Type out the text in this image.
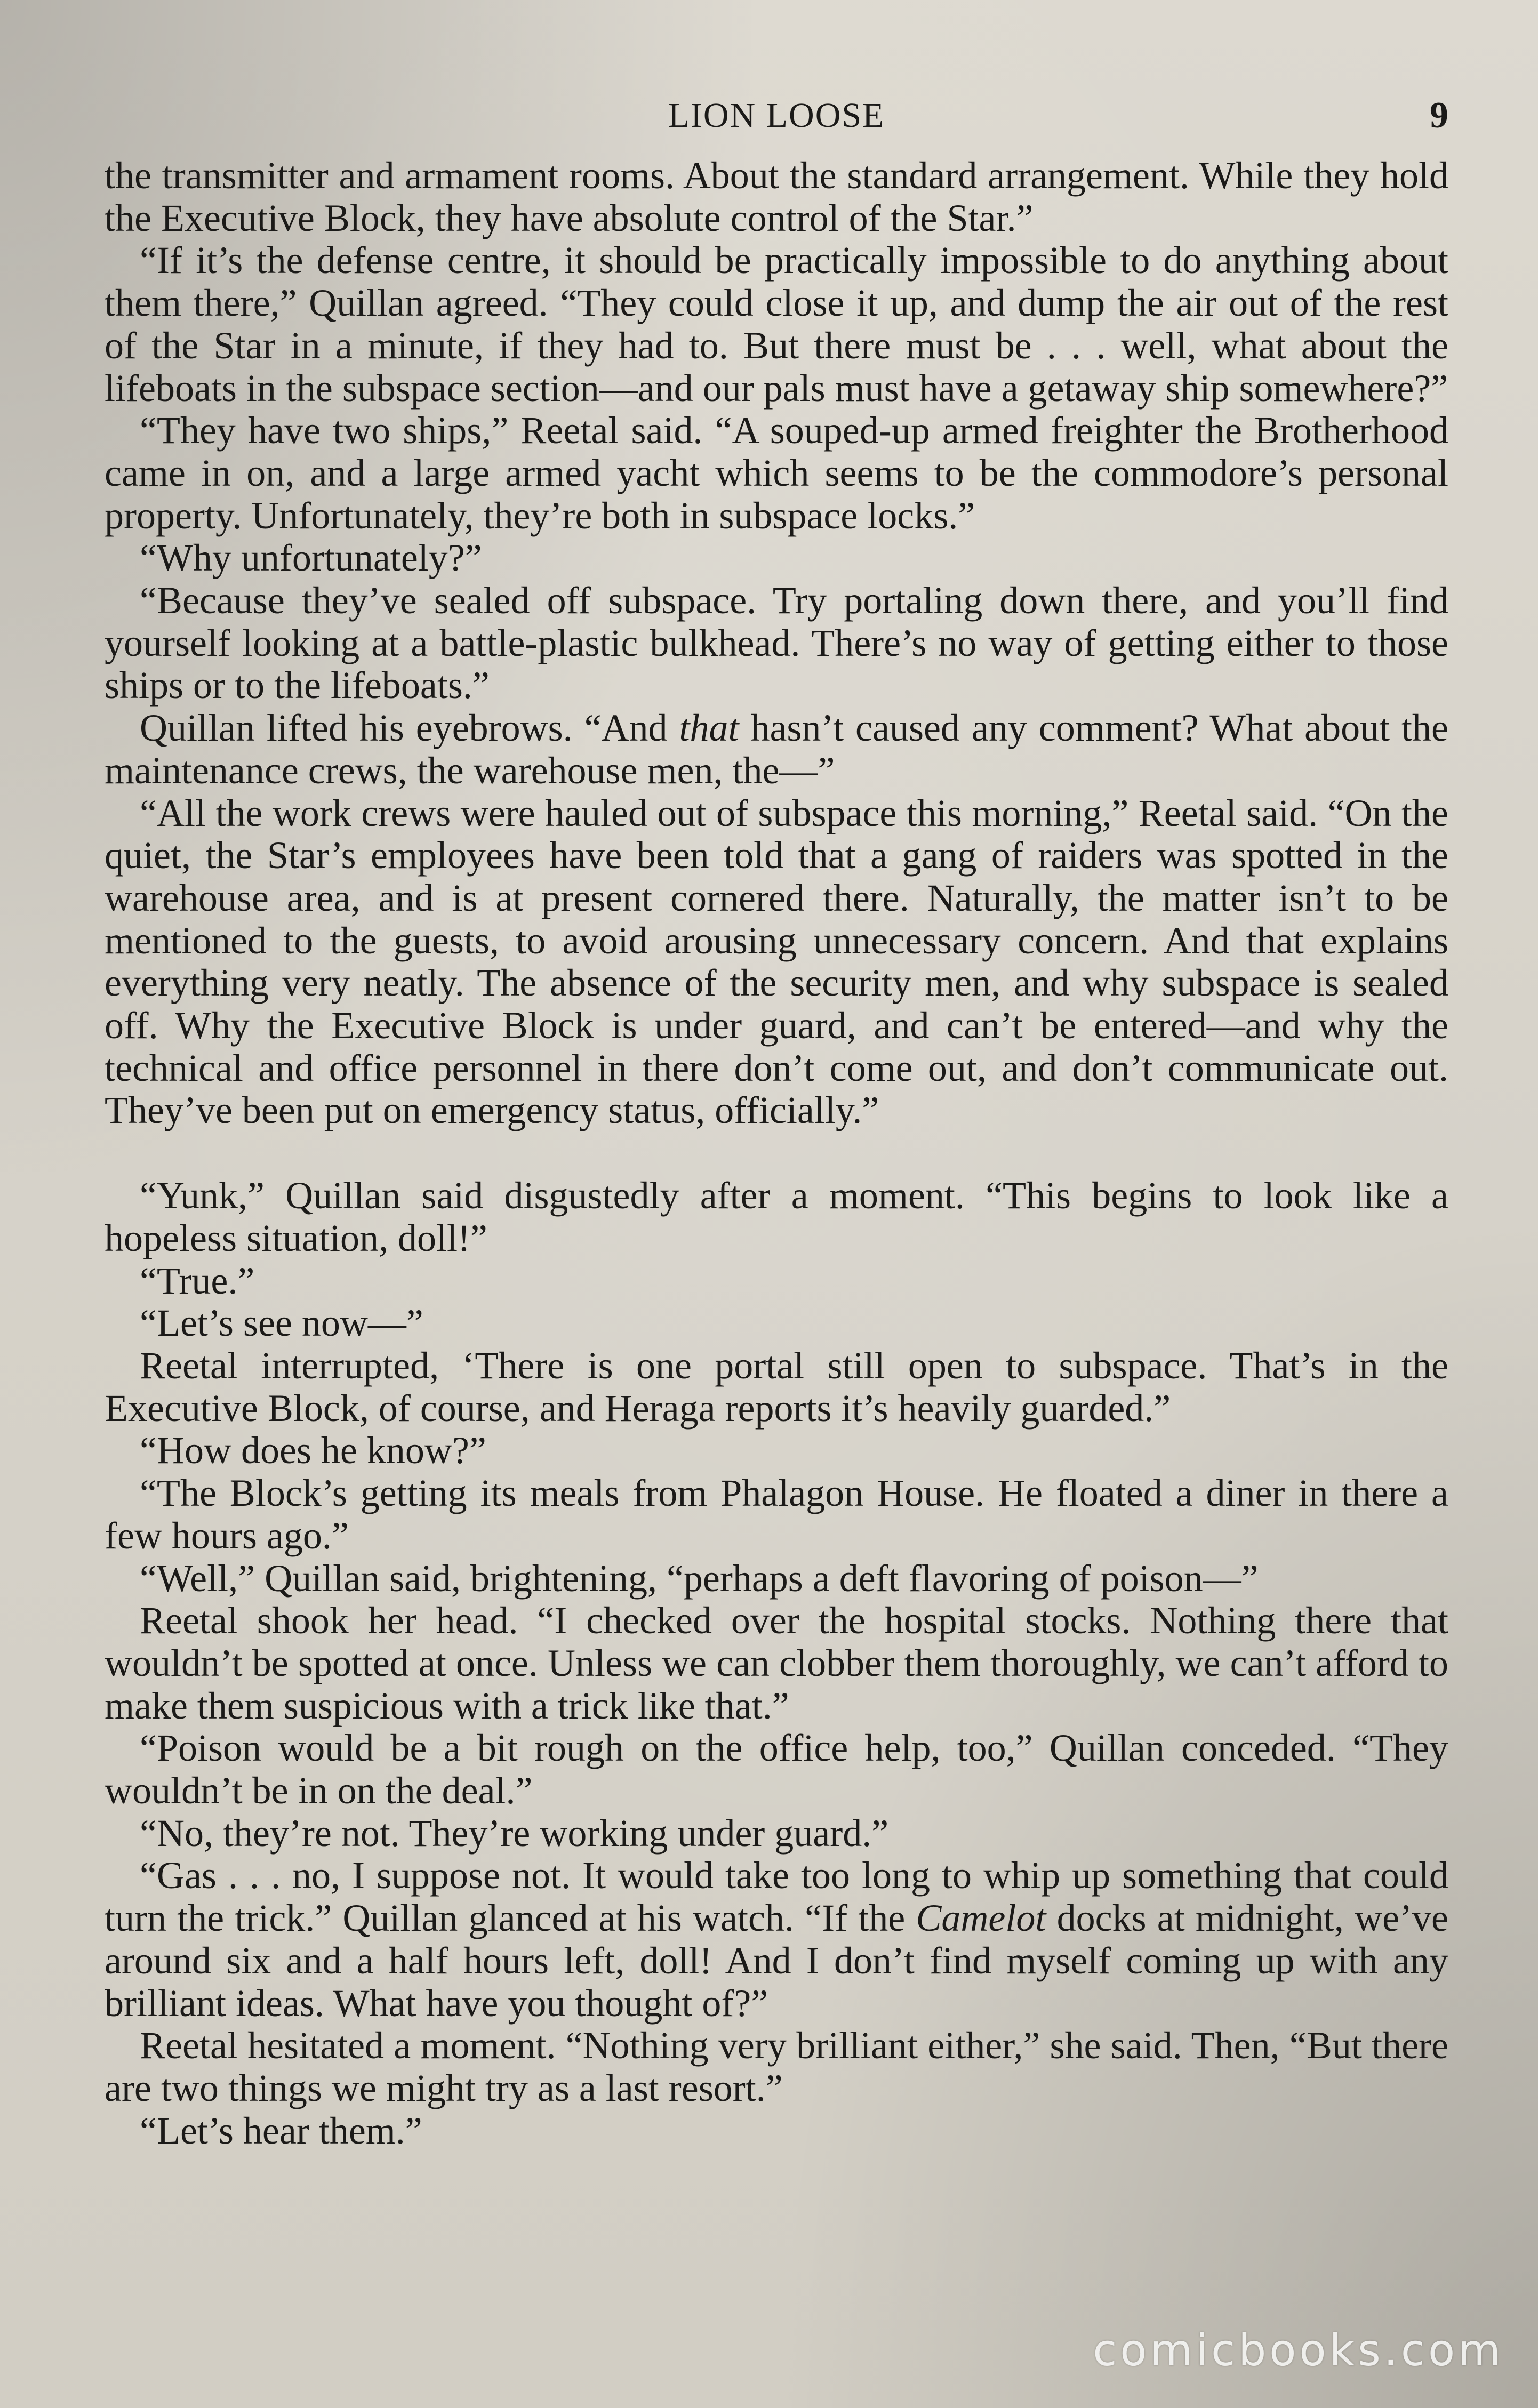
LION LOOSE	9

the transmitter and armament rooms. About the standard arrangement. While they hold the Executive Block, they have absolute control of the Star.”

“If it’s the defense centre, it should be practically impossible to do anything about them there,” Quillan agreed. “They could close it up, and dump the air out of the rest of the Star in a minute, if they had to. But there must be . . . well, what about the lifeboats in the subspace section—and our pals must have a getaway ship somewhere?”

“They have two ships,” Reetal said. “A souped-up armed freighter the Brotherhood came in on, and a large armed yacht which seems to be the commodore’s personal property. Unfortunately, they’re both in subspace locks.”

“Why unfortunately?”

“Because they’ve sealed off subspace. Try portaling down there, and you’ll find yourself looking at a battle-plastic bulkhead. There’s no way of getting either to those ships or to the lifeboats.”

Quillan lifted his eyebrows. “And that hasn’t caused any comment? What about the maintenance crews, the warehouse men, the—”

“All the work crews were hauled out of subspace this morning,” Reetal said. “On the quiet, the Star’s employees have been told that a gang of raiders was spotted in the warehouse area, and is at present cornered there. Naturally, the matter isn’t to be mentioned to the guests, to avoid arousing unnecessary concern. And that explains everything very neatly. The absence of the security men, and why subspace is sealed off. Why the Executive Block is under guard, and can’t be entered—and why the technical and office personnel in there don’t come out, and don’t communicate out. They’ve been put on emergency status, officially.”

“Yunk,” Quillan said disgustedly after a moment. “This begins to look like a hopeless situation, doll!”

“True.”

“Let’s see now—”

Reetal interrupted, ‘There is one portal still open to subspace. That’s in the Executive Block, of course, and Heraga reports it’s heavily guarded.”

“How does he know?”

“The Block’s getting its meals from Phalagon House. He floated a diner in there a few hours ago.”

“Well,” Quillan said, brightening, “perhaps a deft flavoring of poison—”

Reetal shook her head. “I checked over the hospital stocks. Nothing there that wouldn’t be spotted at once. Unless we can clobber them thoroughly, we can’t afford to make them suspicious with a trick like that.”

“Poison would be a bit rough on the office help, too,” Quillan conceded. “They wouldn’t be in on the deal.”

“No, they’re not. They’re working under guard.”

“Gas . . . no, I suppose not. It would take too long to whip up something that could turn the trick.” Quillan glanced at his watch. “If the Camelot docks at midnight, we’ve around six and a half hours left, doll! And I don’t find myself coming up with any brilliant ideas. What have you thought of?”

Reetal hesitated a moment. “Nothing very brilliant either,” she said. Then, “But there are two things we might try as a last resort.”

“Let’s hear them.”

comicbooks.com
